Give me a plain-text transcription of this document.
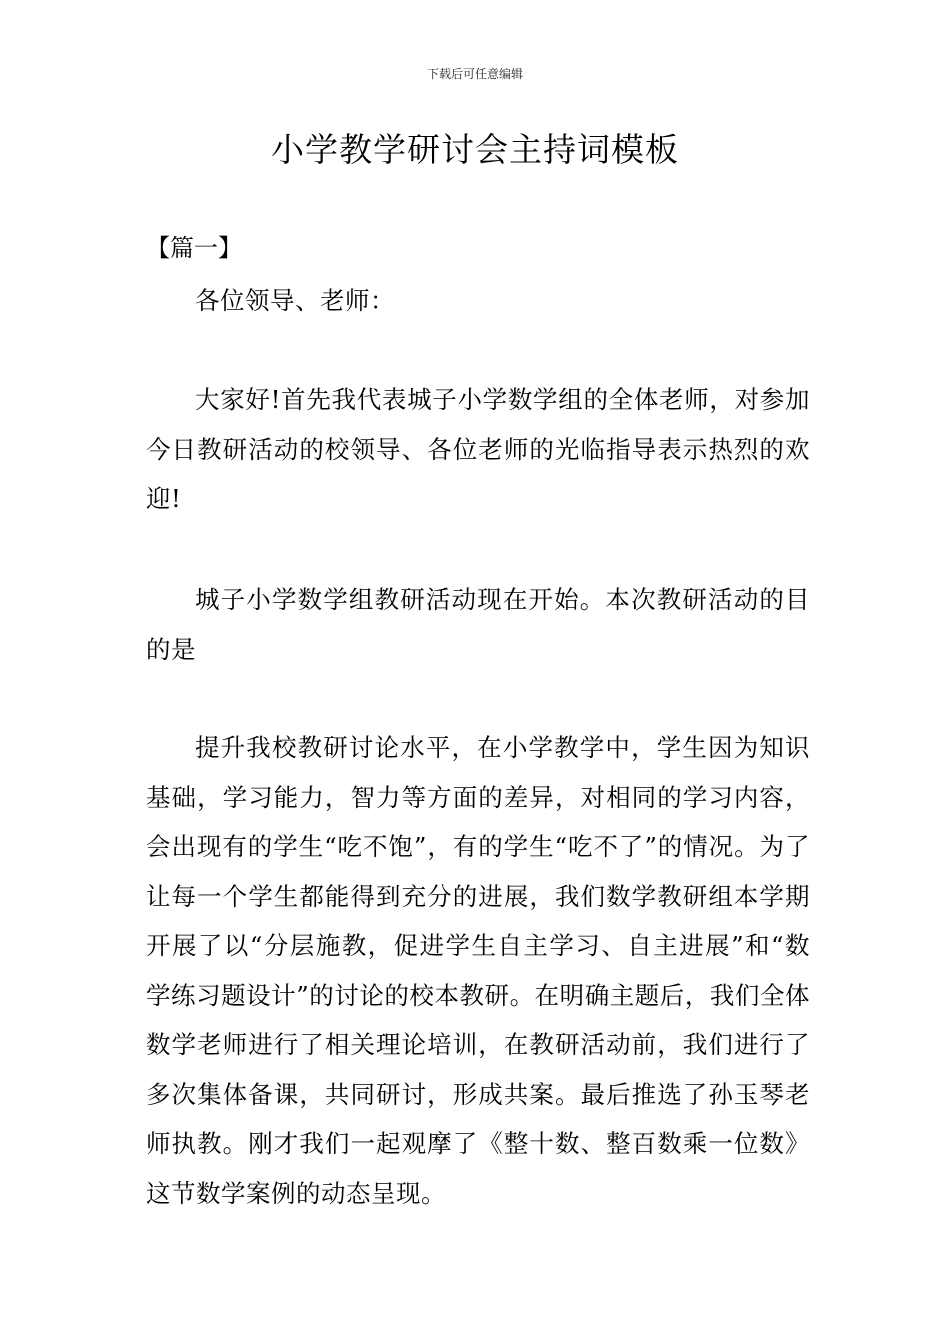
下载后可任意编辑
小学教学研讨会主持词模板
【篇一】

各位领导、老师：

大家好!首先我代表城子小学数学组的全体老师，对参加今日教研活动的校领导、各位老师的光临指导表示热烈的欢迎!

城子小学数学组教研活动现在开始。本次教研活动的目的是

提升我校教研讨论水平，在小学教学中，学生因为知识基础，学习能力，智力等方面的差异，对相同的学习内容，会出现有的学生“吃不饱”，有的学生“吃不了”的情况。为了让每一个学生都能得到充分的进展，我们数学教研组本学期开展了以“分层施教，促进学生自主学习、自主进展”和“数学练习题设计”的讨论的校本教研。在明确主题后，我们全体数学老师进行了相关理论培训，在教研活动前，我们进行了多次集体备课，共同研讨，形成共案。最后推选了孙玉琴老师执教。刚才我们一起观摩了《整十数、整百数乘一位数》这节数学案例的动态呈现。
